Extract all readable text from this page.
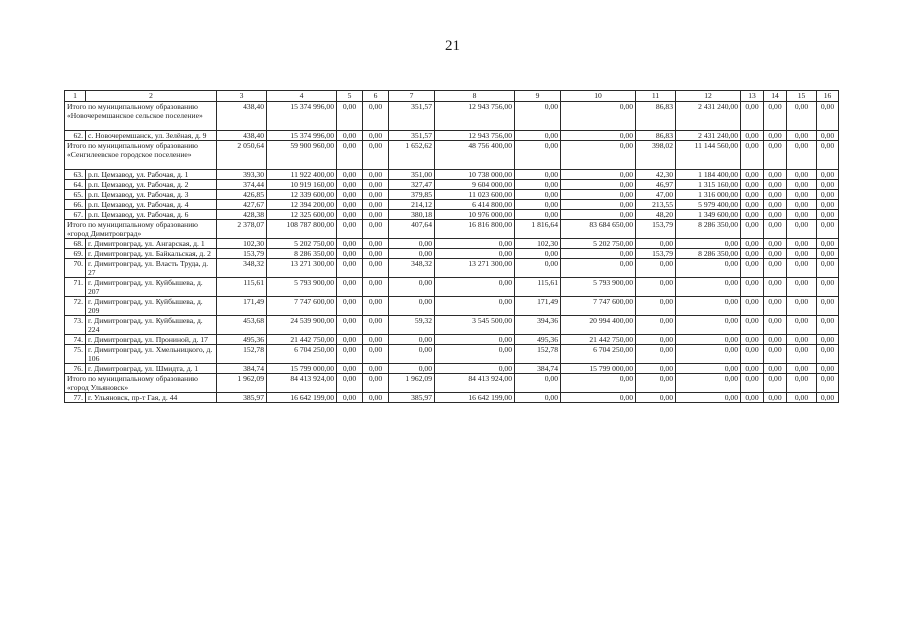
21
1	2	3	4	5	6	7	8	9	10	11	12	13	14	15	16
Итого по муниципальному образованию «Новочеремшанское сельское поселение»		438,40	15 374 996,00	0,00	0,00	351,57	12 943 756,00	0,00	0,00	86,83	2 431 240,00	0,00	0,00	0,00	0,00
62.	с. Новочеремшанск, ул. Зелёная, д. 9	438,40	15 374 996,00	0,00	0,00	351,57	12 943 756,00	0,00	0,00	86,83	2 431 240,00	0,00	0,00	0,00	0,00
Итого по муниципальному образованию «Сенгилеевское городское поселение»		2 050,64	59 900 960,00	0,00	0,00	1 652,62	48 756 400,00	0,00	0,00	398,02	11 144 560,00	0,00	0,00	0,00	0,00
63.	р.п. Цемзавод, ул. Рабочая, д. 1	393,30	11 922 400,00	0,00	0,00	351,00	10 738 000,00	0,00	0,00	42,30	1 184 400,00	0,00	0,00	0,00	0,00
64.	р.п. Цемзавод, ул. Рабочая, д. 2	374,44	10 919 160,00	0,00	0,00	327,47	9 604 000,00	0,00	0,00	46,97	1 315 160,00	0,00	0,00	0,00	0,00
65.	р.п. Цемзавод, ул. Рабочая, д. 3	426,85	12 339 600,00	0,00	0,00	379,85	11 023 600,00	0,00	0,00	47,00	1 316 000,00	0,00	0,00	0,00	0,00
66.	р.п. Цемзавод, ул. Рабочая, д. 4	427,67	12 394 200,00	0,00	0,00	214,12	6 414 800,00	0,00	0,00	213,55	5 979 400,00	0,00	0,00	0,00	0,00
67.	р.п. Цемзавод, ул. Рабочая, д. 6	428,38	12 325 600,00	0,00	0,00	380,18	10 976 000,00	0,00	0,00	48,20	1 349 600,00	0,00	0,00	0,00	0,00
Итого по муниципальному образованию «город Димитровград»		2 378,07	108 787 800,00	0,00	0,00	407,64	16 816 800,00	1 816,64	83 684 650,00	153,79	8 286 350,00	0,00	0,00	0,00	0,00
68.	г. Димитровград, ул. Ангарская, д. 1	102,30	5 202 750,00	0,00	0,00	0,00	0,00	102,30	5 202 750,00	0,00	0,00	0,00	0,00	0,00	0,00
69.	г. Димитровград, ул. Байкальская, д. 2	153,79	8 286 350,00	0,00	0,00	0,00	0,00	0,00	0,00	153,79	8 286 350,00	0,00	0,00	0,00	0,00
70.	г. Димитровград, ул. Власть Труда, д. 27	348,32	13 271 300,00	0,00	0,00	348,32	13 271 300,00	0,00	0,00	0,00	0,00	0,00	0,00	0,00	0,00
71.	г. Димитровград, ул. Куйбышева, д. 207	115,61	5 793 900,00	0,00	0,00	0,00	0,00	115,61	5 793 900,00	0,00	0,00	0,00	0,00	0,00	0,00
72.	г. Димитровград, ул. Куйбышева, д. 209	171,49	7 747 600,00	0,00	0,00	0,00	0,00	171,49	7 747 600,00	0,00	0,00	0,00	0,00	0,00	0,00
73.	г. Димитровград, ул. Куйбышева, д. 224	453,68	24 539 900,00	0,00	0,00	59,32	3 545 500,00	394,36	20 994 400,00	0,00	0,00	0,00	0,00	0,00	0,00
74.	г. Димитровград, ул. Прониной, д. 17	495,36	21 442 750,00	0,00	0,00	0,00	0,00	495,36	21 442 750,00	0,00	0,00	0,00	0,00	0,00	0,00
75.	г. Димитровград, ул. Хмельницкого, д. 106	152,78	6 704 250,00	0,00	0,00	0,00	0,00	152,78	6 704 250,00	0,00	0,00	0,00	0,00	0,00	0,00
76.	г. Димитровград, ул. Шмидта, д. 1	384,74	15 799 000,00	0,00	0,00	0,00	0,00	384,74	15 799 000,00	0,00	0,00	0,00	0,00	0,00	0,00
Итого по муниципальному образованию «город Ульяновск»		1 962,09	84 413 924,00	0,00	0,00	1 962,09	84 413 924,00	0,00	0,00	0,00	0,00	0,00	0,00	0,00	0,00
77.	г. Ульяновск, пр-т Гая, д. 44	385,97	16 642 199,00	0,00	0,00	385,97	16 642 199,00	0,00	0,00	0,00	0,00	0,00	0,00	0,00	0,00
